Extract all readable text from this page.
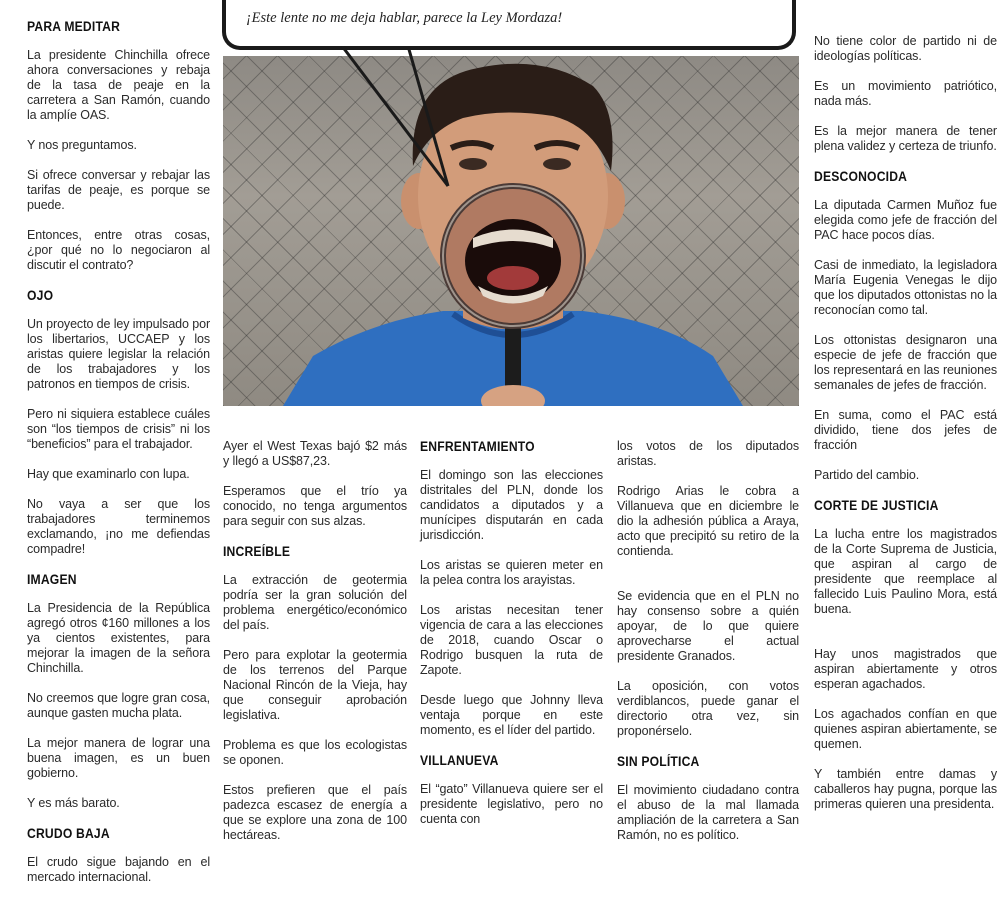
¡Este lente no me deja hablar, parece la Ley Mordaza!
PARA MEDITAR

La presidente Chinchilla ofrece ahora conversaciones y rebaja de la tasa de peaje en la carretera a San Ramón, cuando la amplíe OAS.

Y nos preguntamos.

Si ofrece conversar y rebajar las tarifas de peaje, es porque se puede.

Entonces, entre otras cosas, ¿por qué no lo negociaron al discutir el contrato?

OJO

Un proyecto de ley impulsado por los libertarios, UCCAEP y los aristas quiere legislar la relación de los trabajadores y los patronos en tiempos de crisis.

Pero ni siquiera establece cuáles son “los tiempos de crisis” ni los “beneficios” para el trabajador.

Hay que examinarlo con lupa.

No vaya a ser que los trabajadores terminemos exclamando, ¡no me defiendas compadre!

IMAGEN

La Presidencia de la República agregó otros ¢160 millones a los ya cientos existentes, para mejorar la imagen de la señora Chinchilla.

No creemos que logre gran cosa, aunque gasten mucha plata.

La mejor manera de lograr una buena imagen, es un buen gobierno.

Y es más barato.

CRUDO BAJA

El crudo sigue bajando en el mercado internacional.

Ayer el West Texas bajó $2 más y llegó a US$87,23.

Esperamos que el trío ya conocido, no tenga argumentos para seguir con sus alzas.

INCREÍBLE

La extracción de geotermia podría ser la gran solución del problema energético/económico del país.

Pero para explotar la geotermia de los terrenos del Parque Nacional Rincón de la Vieja, hay que conseguir aprobación legislativa.

Problema es que los ecologistas se oponen.

Estos prefieren que el país padezca escasez de energía a que se explore una zona de 100 hectáreas.

ENFRENTAMIENTO

El domingo son las elecciones distritales del PLN, donde los candidatos a diputados y a munícipes disputarán en cada jurisdicción.

Los aristas se quieren meter en la pelea contra los arayistas.

Los aristas necesitan tener vigencia de cara a las elecciones de 2018, cuando Oscar o Rodrigo busquen la ruta de Zapote.

Desde luego que Johnny lleva ventaja porque en este momento, es el líder del partido.

VILLANUEVA

El “gato” Villanueva quiere ser el presidente legislativo, pero no cuenta con

los votos de los diputados aristas.

Rodrigo Arias le cobra a Villanueva que en diciembre le dio la adhesión pública a Araya, acto que precipitó su retiro de la contienda.

Se evidencia que en el PLN no hay consenso sobre a quién apoyar, de lo que quiere aprovecharse el actual presidente Granados.

La oposición, con votos verdiblancos, puede ganar el directorio otra vez, sin proponérselo.

SIN POLÍTICA

El movimiento ciudadano contra el abuso de la mal llamada ampliación de la carretera a San Ramón, no es político.

No tiene color de partido ni de ideologías políticas.

Es un movimiento patriótico, nada más.

Es la mejor manera de tener plena validez y certeza de triunfo.

DESCONOCIDA

La diputada Carmen Muñoz fue elegida como jefe de fracción del PAC hace pocos días.

Casi de inmediato, la legisladora María Eugenia Venegas le dijo que los diputados ottonistas no la reconocían como tal.

Los ottonistas designaron una especie de jefe de fracción que los representará en las reuniones semanales de jefes de fracción.

En suma, como el PAC está dividido, tiene dos jefes de fracción

Partido del cambio.

CORTE DE JUSTICIA

La lucha entre los magistrados de la Corte Suprema de Justicia, que aspiran al cargo de presidente que reemplace al fallecido Luis Paulino Mora, está buena.

Hay unos magistrados que aspiran abiertamente y otros esperan agachados.

Los agachados confían en que quienes aspiran abiertamente, se quemen.

Y también entre damas y caballeros hay pugna, porque las primeras quieren una presidenta.
